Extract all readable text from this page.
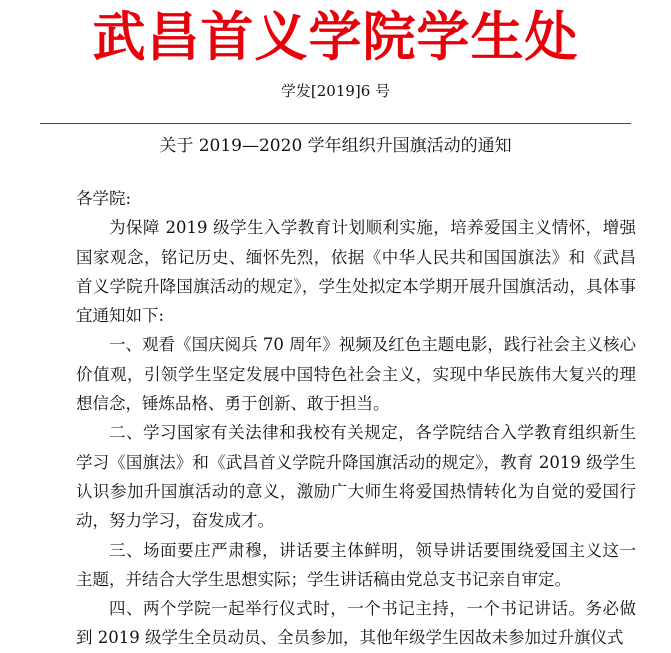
武昌首义学院学生处
学发[2019]6 号
关于 2019—2020 学年组织升国旗活动的通知

各学院:

为保障 2019 级学生入学教育计划顺利实施，培养爱国主义情怀，增强国家观念，铭记历史、缅怀先烈，依据《中华人民共和国国旗法》和《武昌首义学院升降国旗活动的规定》，学生处拟定本学期开展升国旗活动，具体事宜通知如下:

一、观看《国庆阅兵 70 周年》视频及红色主题电影，践行社会主义核心价值观，引领学生坚定发展中国特色社会主义，实现中华民族伟大复兴的理想信念，锤炼品格、勇于创新、敢于担当。

二、学习国家有关法律和我校有关规定，各学院结合入学教育组织新生学习《国旗法》和《武昌首义学院升降国旗活动的规定》，教育 2019 级学生认识参加升国旗活动的意义，激励广大师生将爱国热情转化为自觉的爱国行动，努力学习，奋发成才。

三、场面要庄严肃穆，讲话要主体鲜明，领导讲话要围绕爱国主义这一主题，并结合大学生思想实际；学生讲话稿由党总支书记亲自审定。

四、两个学院一起举行仪式时，一个书记主持，一个书记讲话。务必做到 2019 级学生全员动员、全员参加，其他年级学生因故未参加过升旗仪式
